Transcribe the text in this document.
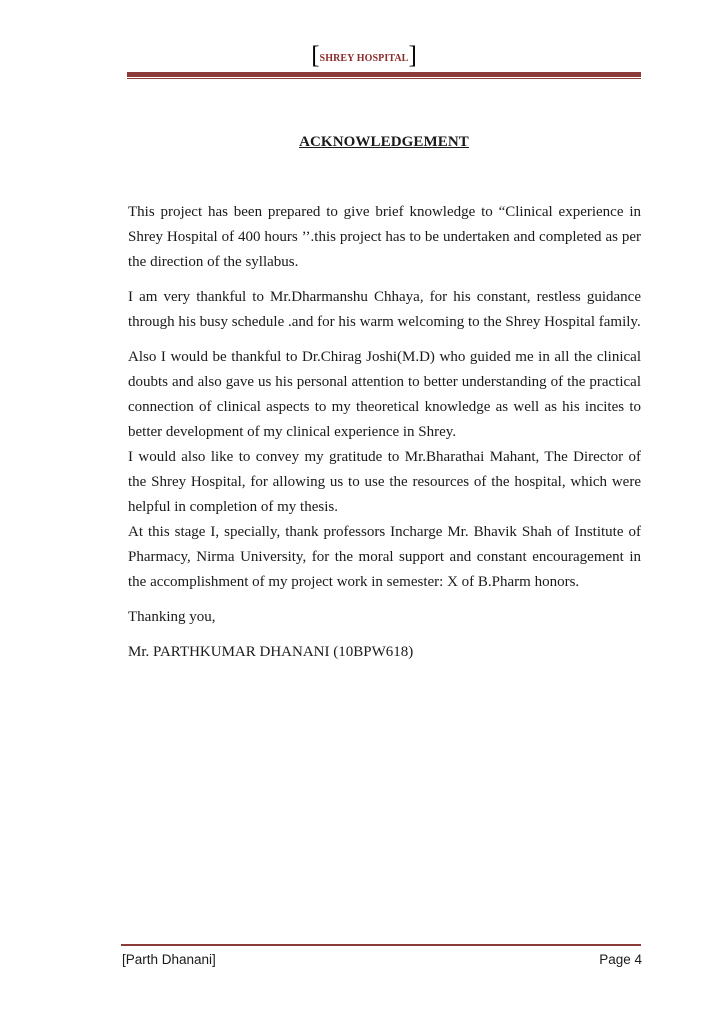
[$^{SHREY HOSPITAL}$]
ACKNOWLEDGEMENT

This project has been prepared to give brief knowledge to “Clinical experience in Shrey Hospital of 400 hours ’’.this project has to be undertaken and completed as per the direction of the syllabus.

I am very thankful to Mr.Dharmanshu Chhaya, for his constant, restless guidance through his busy schedule .and for his warm welcoming to the Shrey Hospital family.

Also I would be thankful to Dr.Chirag Joshi(M.D) who guided me in all the clinical doubts and also gave us his personal attention to better understanding of the practical connection of clinical aspects to my theoretical knowledge as well as his incites to better development of my clinical experience in Shrey.

I would also like to convey my gratitude to Mr.Bharathai Mahant, The Director of the Shrey Hospital, for allowing us to use the resources of the hospital, which were helpful in completion of my thesis.

At this stage I, specially, thank professors Incharge Mr. Bhavik Shah of Institute of Pharmacy, Nirma University, for the moral support and constant encouragement in the accomplishment of my project work in semester: X of B.Pharm honors.

Thanking you,

Mr. PARTHKUMAR DHANANI (10BPW618)

[Parth Dhanani]	Page 4
